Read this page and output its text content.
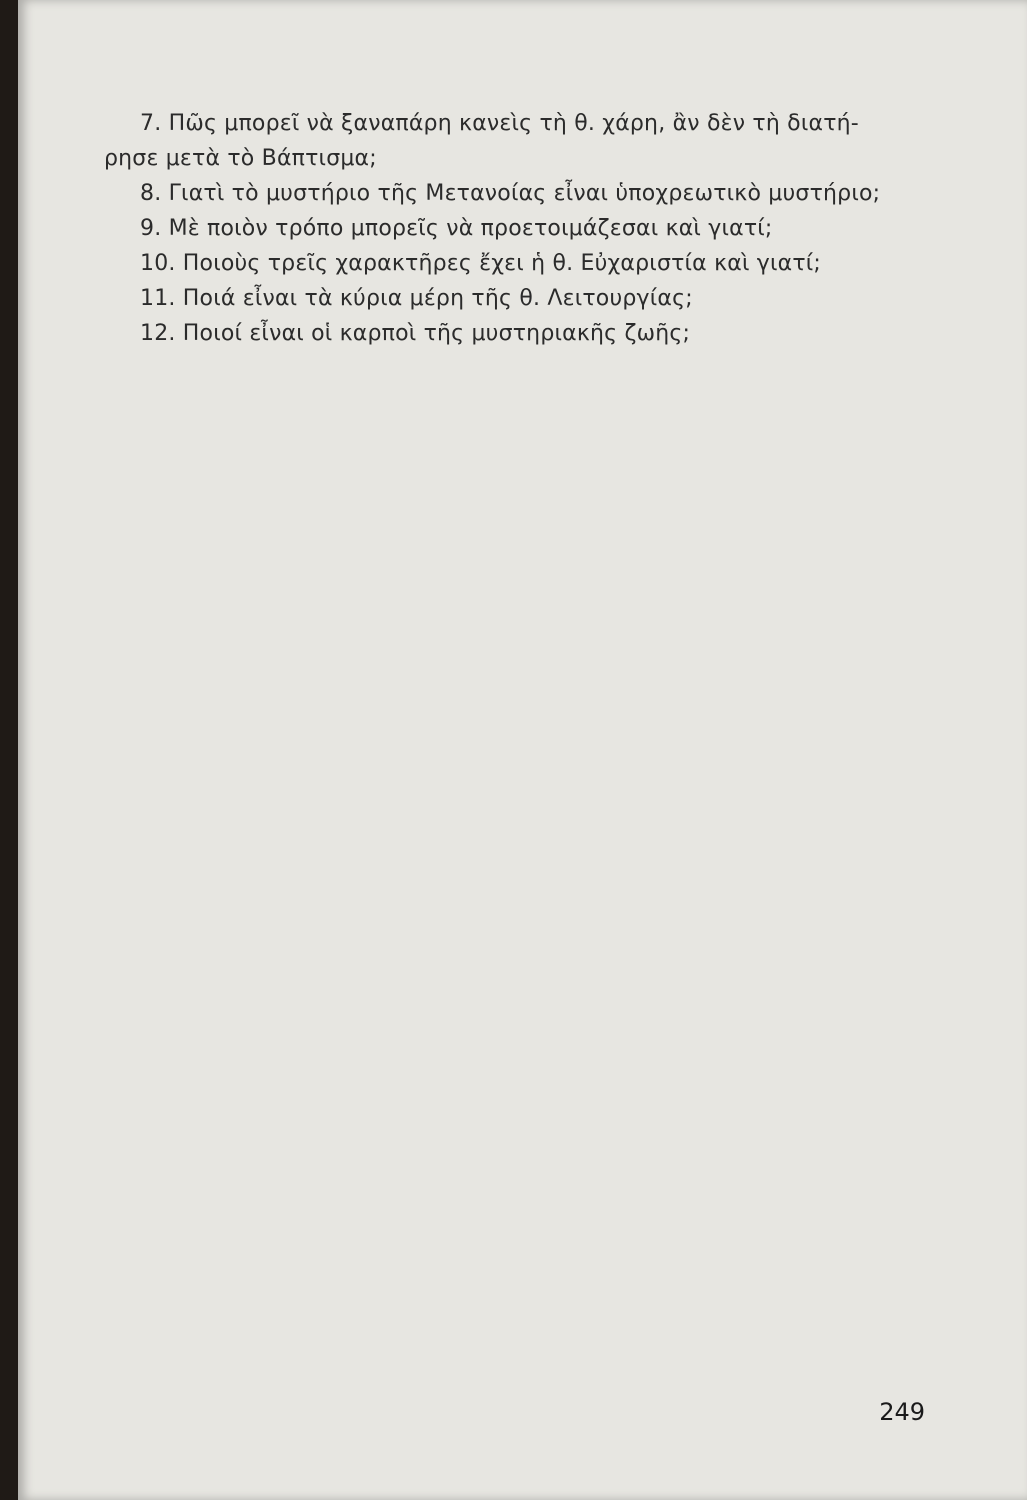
7. Πῶς μπορεῖ νὰ ξαναπάρη κανεὶς τὴ θ. χάρη, ἂν δὲν τὴ διατή-

ρησε μετὰ τὸ Βάπτισμα;

8. Γιατὶ τὸ μυστήριο τῆς Μετανοίας εἶναι ὑποχρεωτικὸ μυστήριο;

9. Μὲ ποιὸν τρόπο μπορεῖς νὰ προετοιμάζεσαι καὶ γιατί;

10. Ποιοὺς τρεῖς χαρακτῆρες ἔχει ἡ θ. Εὐχαριστία καὶ γιατί;

11. Ποιά εἶναι τὰ κύρια μέρη τῆς θ. Λειτουργίας;

12. Ποιοί εἶναι οἱ καρποὶ τῆς μυστηριακῆς ζωῆς;

249
